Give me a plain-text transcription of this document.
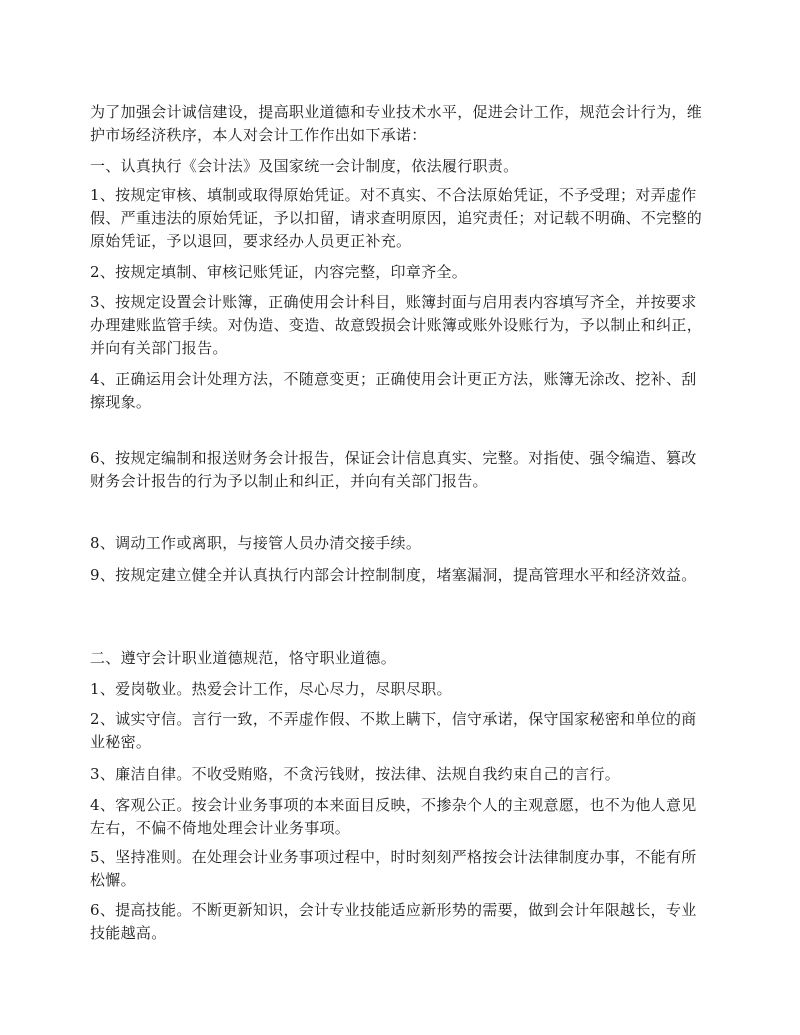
为了加强会计诚信建设，提高职业道德和专业技术水平，促进会计工作，规范会计行为，维护市场经济秩序，本人对会计工作作出如下承诺：

一、认真执行《会计法》及国家统一会计制度，依法履行职责。

1、按规定审核、填制或取得原始凭证。对不真实、不合法原始凭证，不予受理；对弄虚作假、严重违法的原始凭证，予以扣留，请求查明原因，追究责任；对记载不明确、不完整的原始凭证，予以退回，要求经办人员更正补充。

2、按规定填制、审核记账凭证，内容完整，印章齐全。

3、按规定设置会计账簿，正确使用会计科目，账簿封面与启用表内容填写齐全，并按要求办理建账监管手续。对伪造、变造、故意毁损会计账簿或账外设账行为，予以制止和纠正，并向有关部门报告。

4、正确运用会计处理方法，不随意变更；正确使用会计更正方法，账簿无涂改、挖补、刮擦现象。

6、按规定编制和报送财务会计报告，保证会计信息真实、完整。对指使、强令编造、篡改财务会计报告的行为予以制止和纠正，并向有关部门报告。

8、调动工作或离职，与接管人员办清交接手续。

9、按规定建立健全并认真执行内部会计控制制度，堵塞漏洞，提高管理水平和经济效益。

二、遵守会计职业道德规范，恪守职业道德。

1、爱岗敬业。热爱会计工作，尽心尽力，尽职尽职。

2、诚实守信。言行一致，不弄虚作假、不欺上瞒下，信守承诺，保守国家秘密和单位的商业秘密。

3、廉洁自律。不收受贿赂，不贪污钱财，按法律、法规自我约束自己的言行。

4、客观公正。按会计业务事项的本来面目反映，不掺杂个人的主观意愿，也不为他人意见左右，不偏不倚地处理会计业务事项。

5、坚持准则。在处理会计业务事项过程中，时时刻刻严格按会计法律制度办事，不能有所松懈。

6、提高技能。不断更新知识，会计专业技能适应新形势的需要，做到会计年限越长，专业技能越高。
